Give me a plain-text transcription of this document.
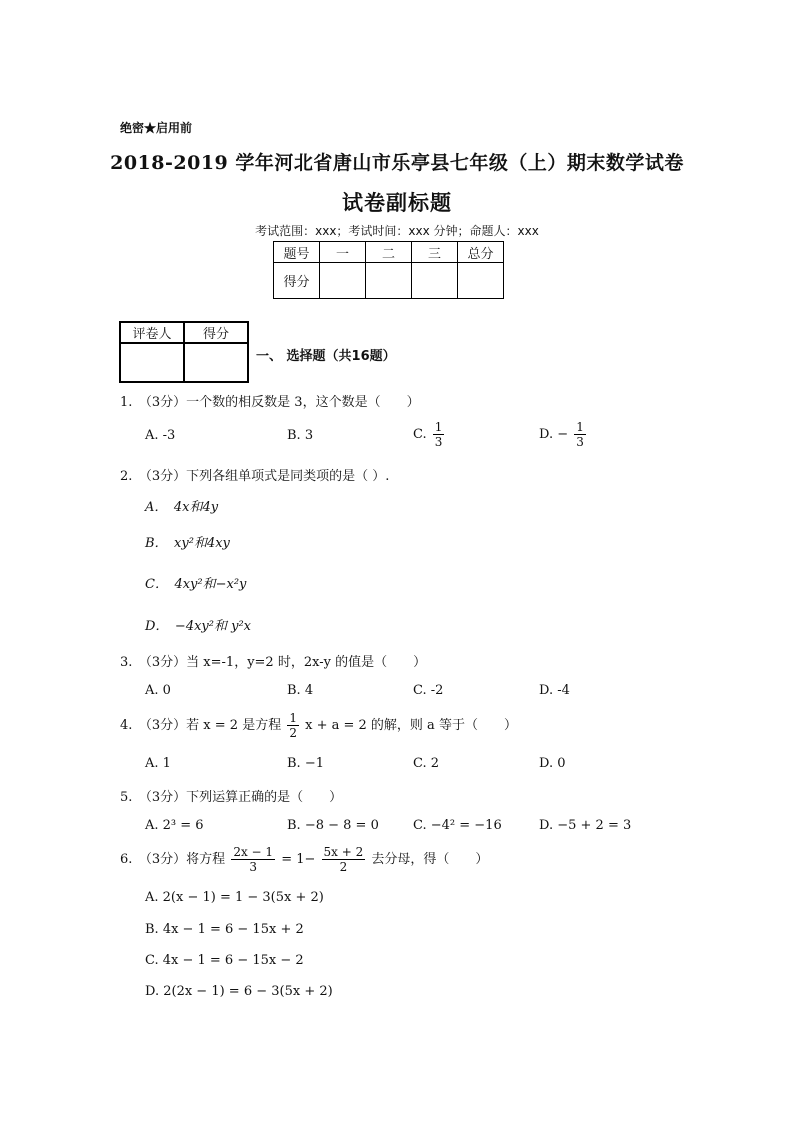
绝密★启用前
2018-2019 学年河北省唐山市乐亭县七年级（上）期末数学试卷
试卷副标题
考试范围：xxx；考试时间：xxx 分钟；命题人：xxx
题号	一	二	三	总分
得分				
评卷人	得分

一、 选择题（共16题）
1.　（3分）一个数的相反数是 3，这个数是（　　）
A. -3	B. 3	C. $\frac{1}{3}$	D. − $\frac{1}{3}$
2.　（3分）下列各组单项式是同类项的是（ ）.
A．　4x和4y
B．　xy²和4xy
C．　4xy²和−x²y
D．　−4xy²和 y²x
3.　（3分）当 x=-1，y=2 时，2x-y 的值是（　　）
A. 0	B. 4	C. -2	D. -4
4.　（3分）若 x = 2 是方程 $\frac{1}{2}$ x + a = 2 的解，则 a 等于（　　）
A. 1	B. −1	C. 2	D. 0
5.　（3分）下列运算正确的是（　　）
A. 2³ = 6	B. −8 − 8 = 0	C. −4² = −16	D. −5 + 2 = 3
6.　（3分）将方程 $\frac{2x - 1}{3} = 1- \frac{5x + 2}{2}$ 去分母，得（　　）
A. 2(x − 1) = 1 − 3(5x + 2)
B. 4x − 1 = 6 − 15x + 2
C. 4x − 1 = 6 − 15x − 2
D. 2(2x − 1) = 6 − 3(5x + 2)
